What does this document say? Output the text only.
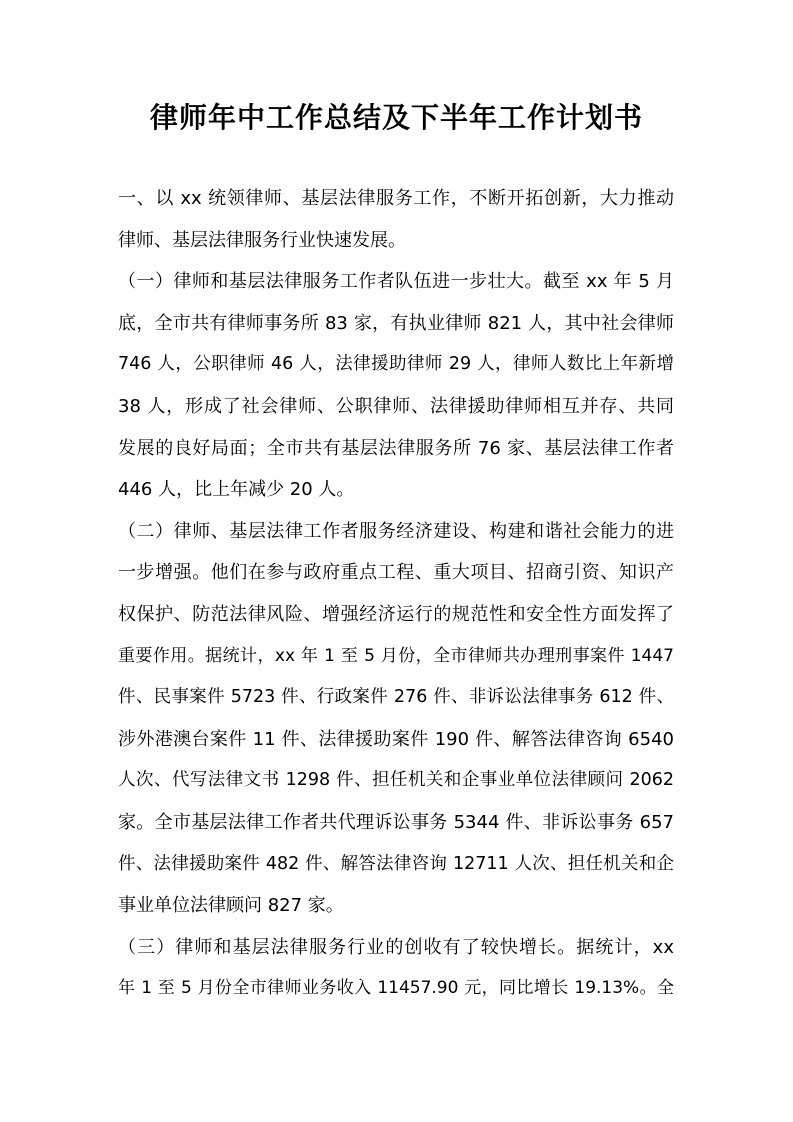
律师年中工作总结及下半年工作计划书
一、以 xx 统领律师、基层法律服务工作，不断开拓创新，大力推动
律师、基层法律服务行业快速发展。
（一）律师和基层法律服务工作者队伍进一步壮大。截至 xx 年 5 月
底，全市共有律师事务所 83 家，有执业律师 821 人，其中社会律师
746 人，公职律师 46 人，法律援助律师 29 人，律师人数比上年新增
38 人，形成了社会律师、公职律师、法律援助律师相互并存、共同
发展的良好局面；全市共有基层法律服务所 76 家、基层法律工作者
446 人，比上年减少 20 人。
（二）律师、基层法律工作者服务经济建设、构建和谐社会能力的进
一步增强。他们在参与政府重点工程、重大项目、招商引资、知识产
权保护、防范法律风险、增强经济运行的规范性和安全性方面发挥了
重要作用。据统计，xx 年 1 至 5 月份，全市律师共办理刑事案件 1447
件、民事案件 5723 件、行政案件 276 件、非诉讼法律事务 612 件、
涉外港澳台案件 11 件、法律援助案件 190 件、解答法律咨询 6540
人次、代写法律文书 1298 件、担任机关和企事业单位法律顾问 2062
家。全市基层法律工作者共代理诉讼事务 5344 件、非诉讼事务 657
件、法律援助案件 482 件、解答法律咨询 12711 人次、担任机关和企
事业单位法律顾问 827 家。
（三）律师和基层法律服务行业的创收有了较快增长。据统计，xx
年 1 至 5 月份全市律师业务收入 11457.90 元，同比增长 19.13%。全
